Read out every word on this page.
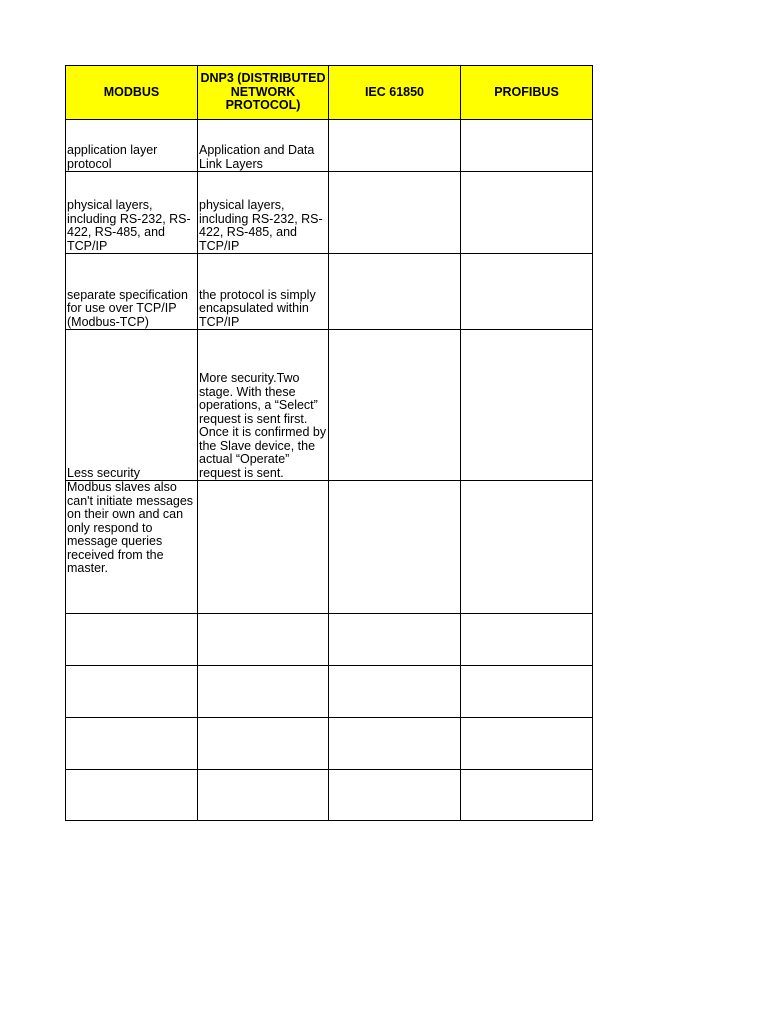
MODBUS	DNP3 (DISTRIBUTED NETWORK PROTOCOL)	IEC 61850	PROFIBUS
application layer protocol	Application and Data Link Layers		
physical layers, including RS-232, RS-422, RS-485, and TCP/IP	physical layers, including RS-232, RS-422, RS-485, and TCP/IP		
separate specification for use over TCP/IP (Modbus-TCP)	the protocol is simply encapsulated within TCP/IP		
Less security	More security.Two stage. With these operations, a “Select” request is sent first. Once it is confirmed by the Slave device, the actual “Operate” request is sent.		
Modbus slaves also can't initiate messages on their own and can only respond to message queries received from the master.			
